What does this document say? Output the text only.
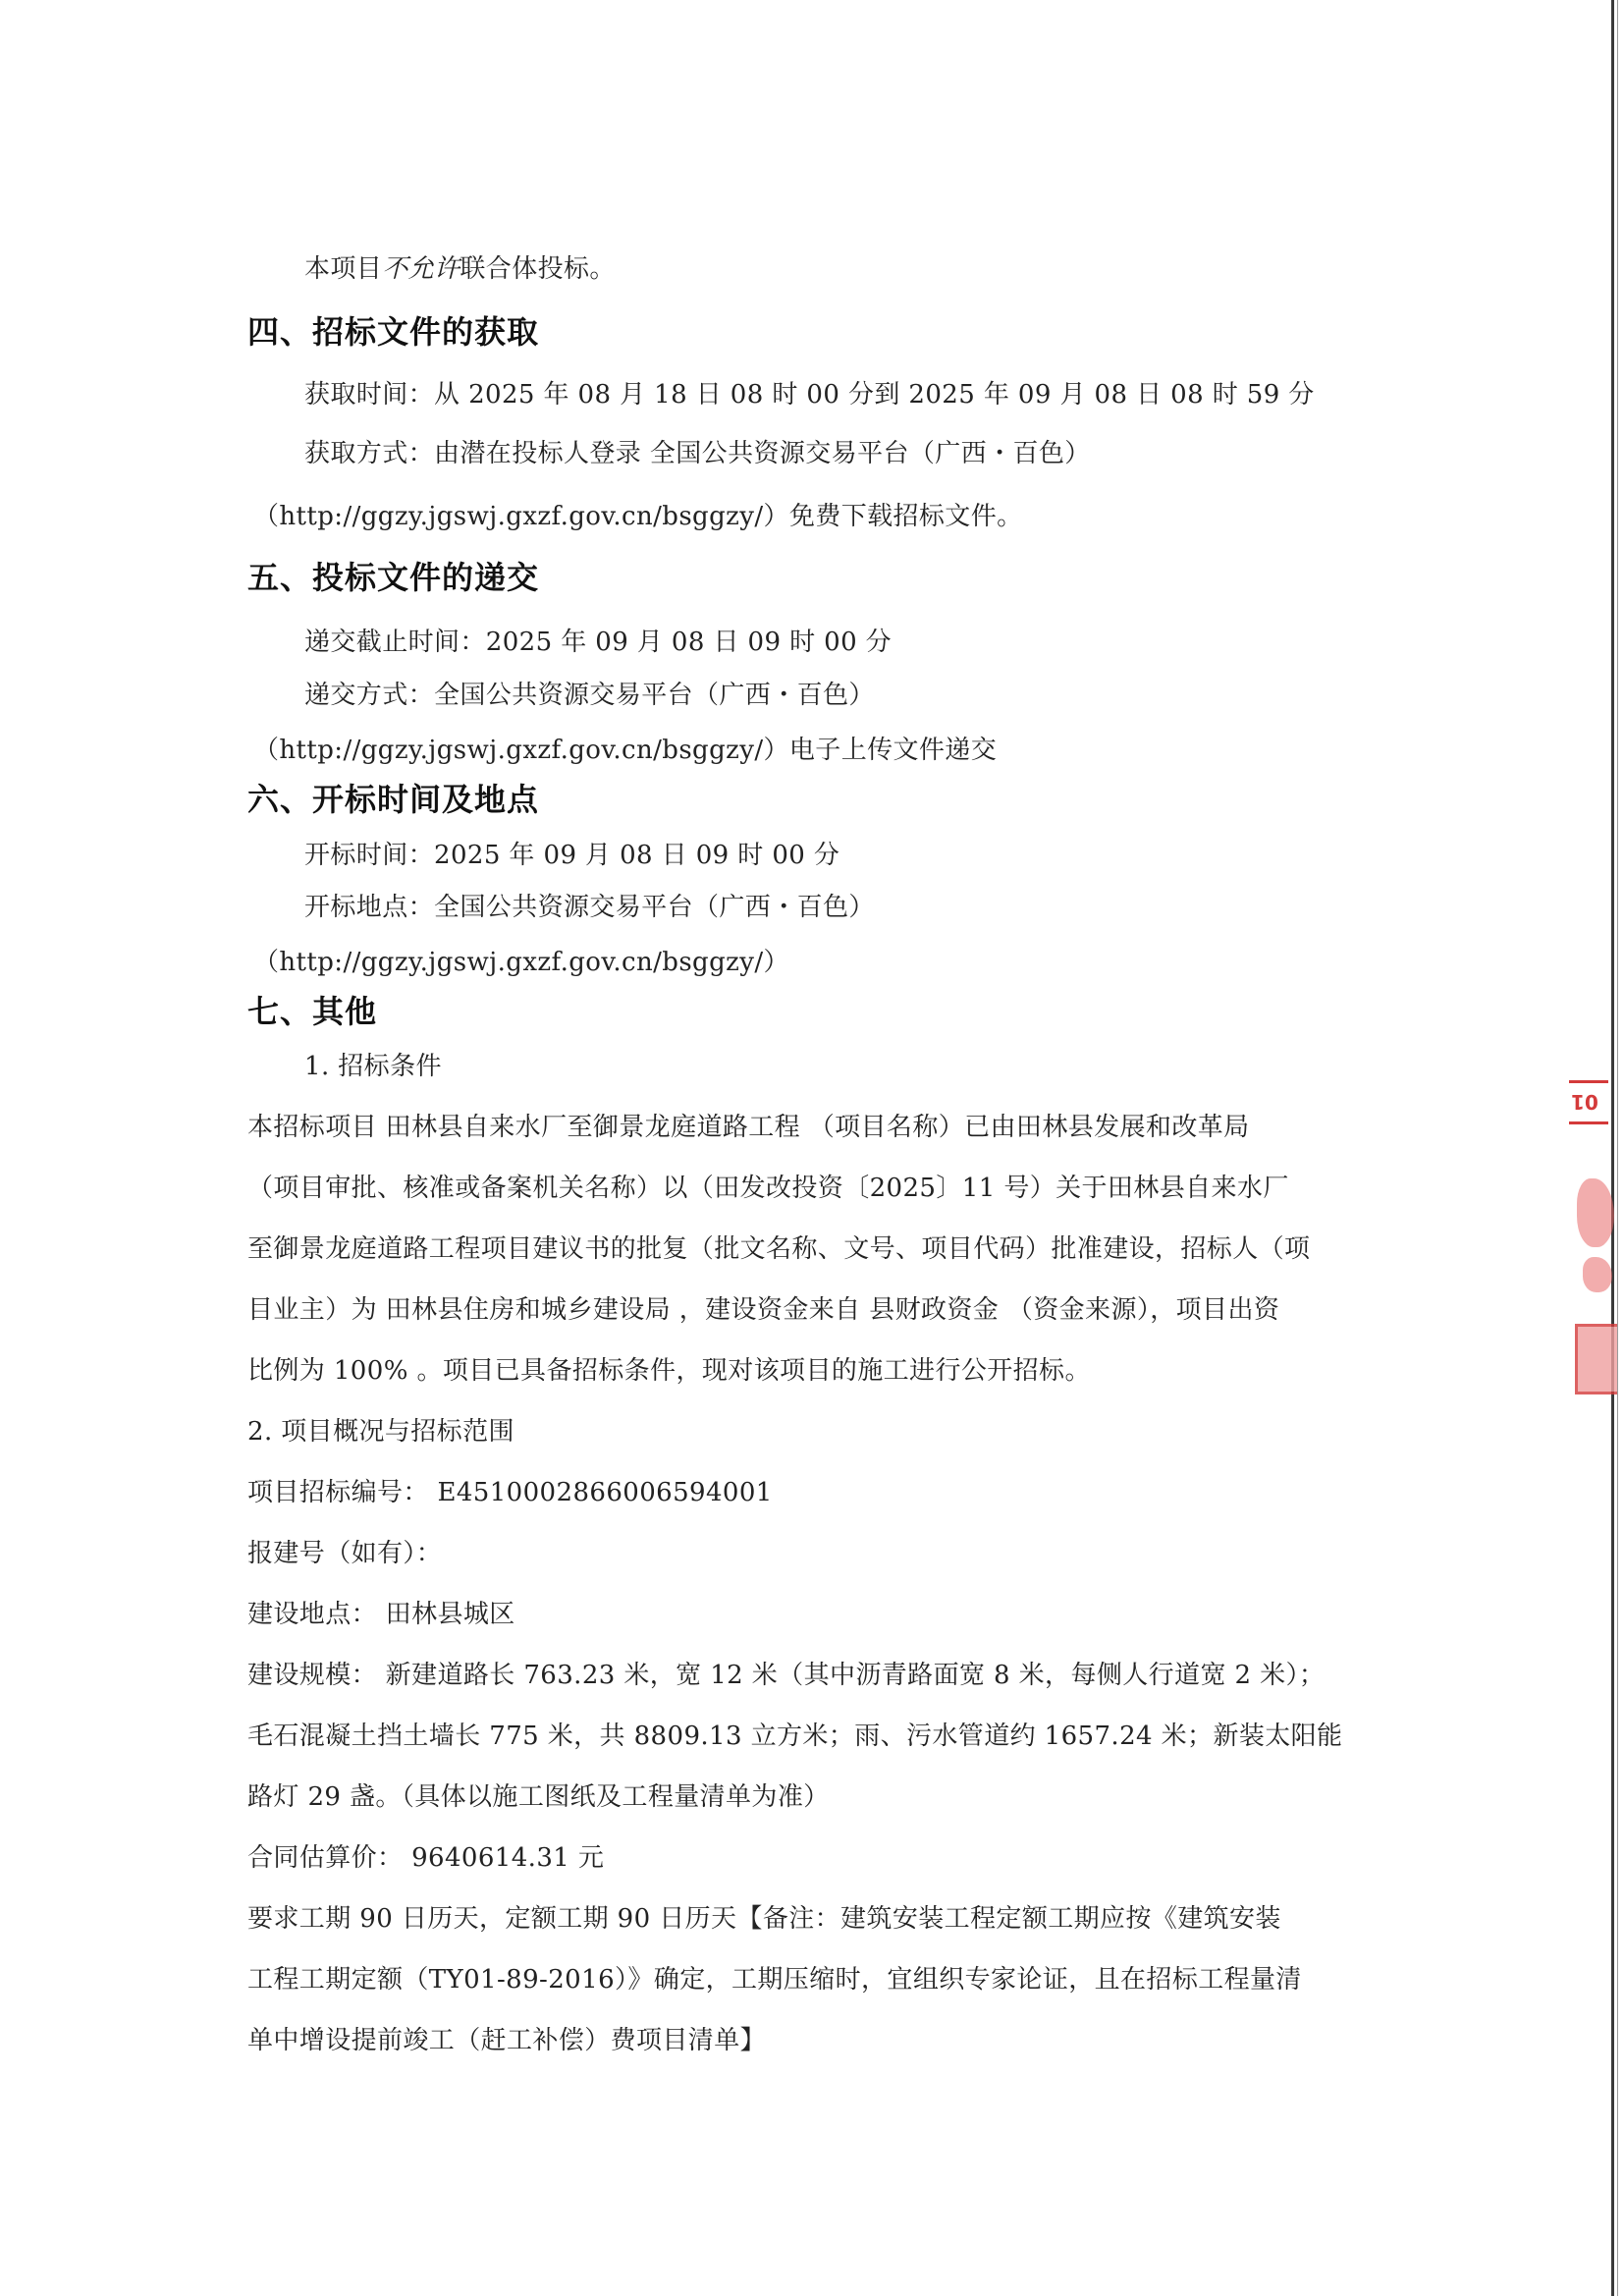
本项目不允许联合体投标。
四、招标文件的获取
获取时间：从 2025 年 08 月 18 日 08 时 00 分到 2025 年 09 月 08 日 08 时 59 分
获取方式：由潜在投标人登录 全国公共资源交易平台（广西・百色）
（http://ggzy.jgswj.gxzf.gov.cn/bsggzy/）免费下载招标文件。
五、投标文件的递交
递交截止时间：2025 年 09 月 08 日 09 时 00 分
递交方式：全国公共资源交易平台（广西・百色）
（http://ggzy.jgswj.gxzf.gov.cn/bsggzy/）电子上传文件递交
六、开标时间及地点
开标时间：2025 年 09 月 08 日 09 时 00 分
开标地点：全国公共资源交易平台（广西・百色）
（http://ggzy.jgswj.gxzf.gov.cn/bsggzy/）
七、其他
1. 招标条件
本招标项目 田林县自来水厂至御景龙庭道路工程 （项目名称）已由田林县发展和改革局
（项目审批、核准或备案机关名称）以（田发改投资〔2025〕11 号）关于田林县自来水厂
至御景龙庭道路工程项目建议书的批复（批文名称、文号、项目代码）批准建设，招标人（项
目业主）为 田林县住房和城乡建设局 ，建设资金来自 县财政资金 （资金来源），项目出资
比例为 100% 。项目已具备招标条件，现对该项目的施工进行公开招标。
2. 项目概况与招标范围
项目招标编号： E4510002866006594001
报建号（如有）：
建设地点： 田林县城区
建设规模： 新建道路长 763.23 米，宽 12 米（其中沥青路面宽 8 米，每侧人行道宽 2 米）；
毛石混凝土挡土墙长 775 米，共 8809.13 立方米；雨、污水管道约 1657.24 米；新装太阳能
路灯 29 盏。（具体以施工图纸及工程量清单为准）
合同估算价： 9640614.31 元
要求工期 90 日历天，定额工期 90 日历天【备注：建筑安装工程定额工期应按《建筑安装
工程工期定额（TY01-89-2016）》确定，工期压缩时，宜组织专家论证，且在招标工程量清
单中增设提前竣工（赶工补偿）费项目清单】
01
